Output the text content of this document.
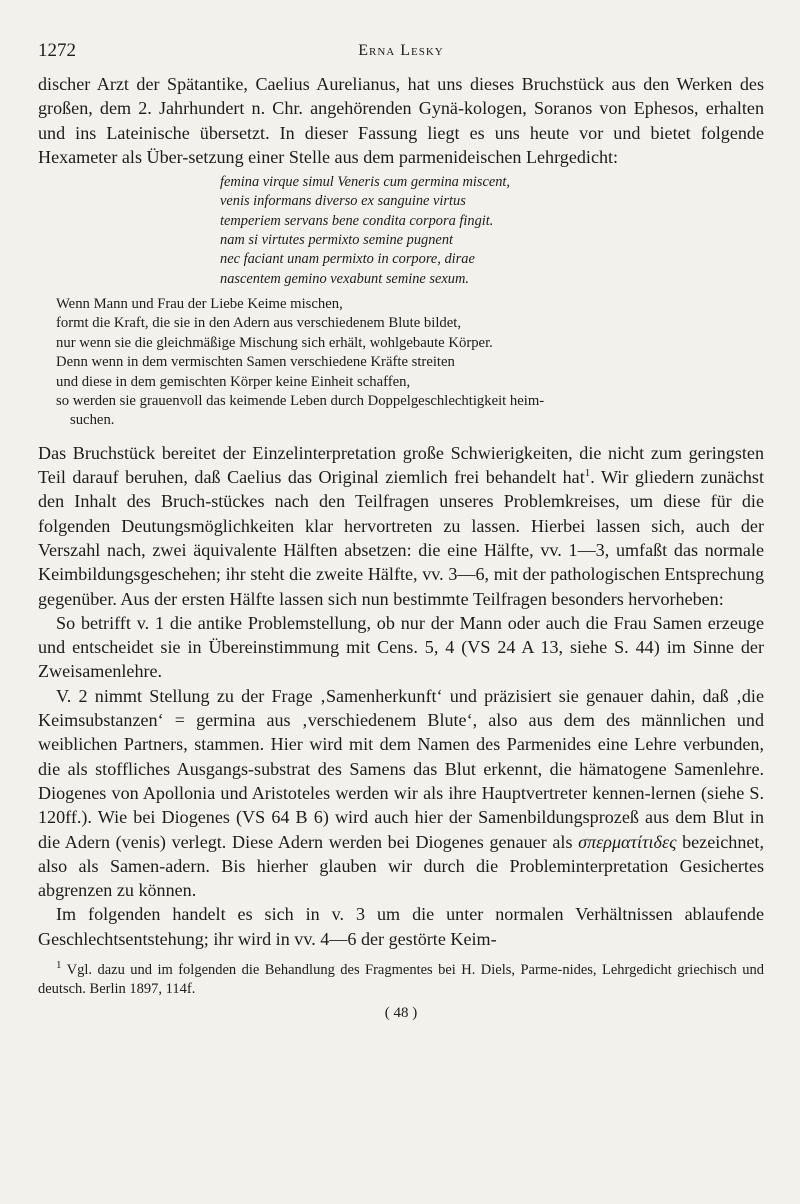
1272	Erna Lesky

discher Arzt der Spätantike, Caelius Aurelianus, hat uns dieses Bruchstück aus den Werken des großen, dem 2. Jahrhundert n. Chr. angehörenden Gynä-kologen, Soranos von Ephesos, erhalten und ins Lateinische übersetzt. In dieser Fassung liegt es uns heute vor und bietet folgende Hexameter als Über-setzung einer Stelle aus dem parmenideischen Lehrgedicht:

femina virque simul Veneris cum germina miscent,
venis informans diverso ex sanguine virtus
temperiem servans bene condita corpora fingit.
nam si virtutes permixto semine pugnent
nec faciant unam permixto in corpore, dirae
nascentem gemino vexabunt semine sexum.
Wenn Mann und Frau der Liebe Keime mischen,
formt die Kraft, die sie in den Adern aus verschiedenem Blute bildet,
nur wenn sie die gleichmäßige Mischung sich erhält, wohlgebaute Körper.
Denn wenn in dem vermischten Samen verschiedene Kräfte streiten
und diese in dem gemischten Körper keine Einheit schaffen,
so werden sie grauenvoll das keimende Leben durch Doppelgeschlechtigkeit heim-
suchen.

Das Bruchstück bereitet der Einzelinterpretation große Schwierigkeiten, die nicht zum geringsten Teil darauf beruhen, daß Caelius das Original ziemlich frei behandelt hat$^1$. Wir gliedern zunächst den Inhalt des Bruch-stückes nach den Teilfragen unseres Problemkreises, um diese für die folgenden Deutungsmöglichkeiten klar hervortreten zu lassen. Hierbei lassen sich, auch der Verszahl nach, zwei äquivalente Hälften absetzen: die eine Hälfte, vv. 1—3, umfaßt das normale Keimbildungsgeschehen; ihr steht die zweite Hälfte, vv. 3—6, mit der pathologischen Entsprechung gegenüber. Aus der ersten Hälfte lassen sich nun bestimmte Teilfragen besonders hervorheben:

So betrifft v. 1 die antike Problemstellung, ob nur der Mann oder auch die Frau Samen erzeuge und entscheidet sie in Übereinstimmung mit Cens. 5, 4 (VS 24 A 13, siehe S. 44) im Sinne der Zweisamenlehre.

V. 2 nimmt Stellung zu der Frage ‚Samenherkunft‘ und präzisiert sie genauer dahin, daß ‚die Keimsubstanzen‘ = germina aus ‚verschiedenem Blute‘, also aus dem des männlichen und weiblichen Partners, stammen. Hier wird mit dem Namen des Parmenides eine Lehre verbunden, die als stoffliches Ausgangs-substrat des Samens das Blut erkennt, die hämatogene Samenlehre. Diogenes von Apollonia und Aristoteles werden wir als ihre Hauptvertreter kennen-lernen (siehe S. 120ff.). Wie bei Diogenes (VS 64 B 6) wird auch hier der Samenbildungsprozeß aus dem Blut in die Adern (venis) verlegt. Diese Adern werden bei Diogenes genauer als σπερματίτιδες bezeichnet, also als Samen-adern. Bis hierher glauben wir durch die Probleminterpretation Gesichertes abgrenzen zu können.

Im folgenden handelt es sich in v. 3 um die unter normalen Verhältnissen ablaufende Geschlechtsentstehung; ihr wird in vv. 4—6 der gestörte Keim-

$^1$ Vgl. dazu und im folgenden die Behandlung des Fragmentes bei H. Diels, Parme-nides, Lehrgedicht griechisch und deutsch. Berlin 1897, 114f.
( 48 )
